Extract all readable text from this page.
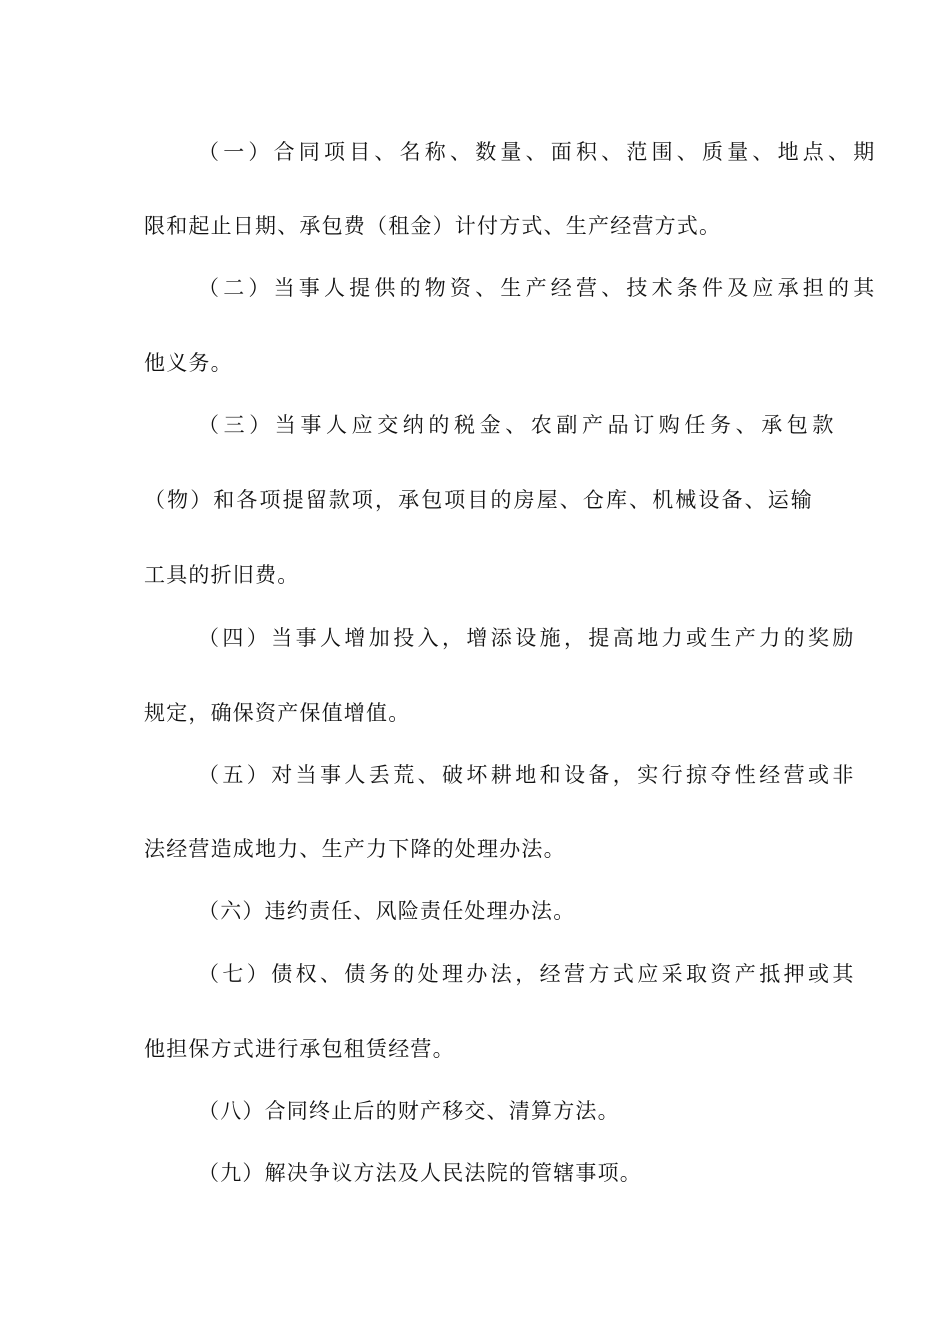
（一）合同项目、名称、数量、面积、范围、质量、地点、期
限和起止日期、承包费（租金）计付方式、生产经营方式。
（二）当事人提供的物资、生产经营、技术条件及应承担的其
他义务。
（三）当事人应交纳的税金、农副产品订购任务、承包款
（物）和各项提留款项，承包项目的房屋、仓库、机械设备、运输
工具的折旧费。
（四）当事人增加投入，增添设施，提高地力或生产力的奖励
规定，确保资产保值增值。
（五）对当事人丢荒、破坏耕地和设备，实行掠夺性经营或非
法经营造成地力、生产力下降的处理办法。
（六）违约责任、风险责任处理办法。
（七）债权、债务的处理办法，经营方式应采取资产抵押或其
他担保方式进行承包租赁经营。
（八）合同终止后的财产移交、清算方法。
（九）解决争议方法及人民法院的管辖事项。
